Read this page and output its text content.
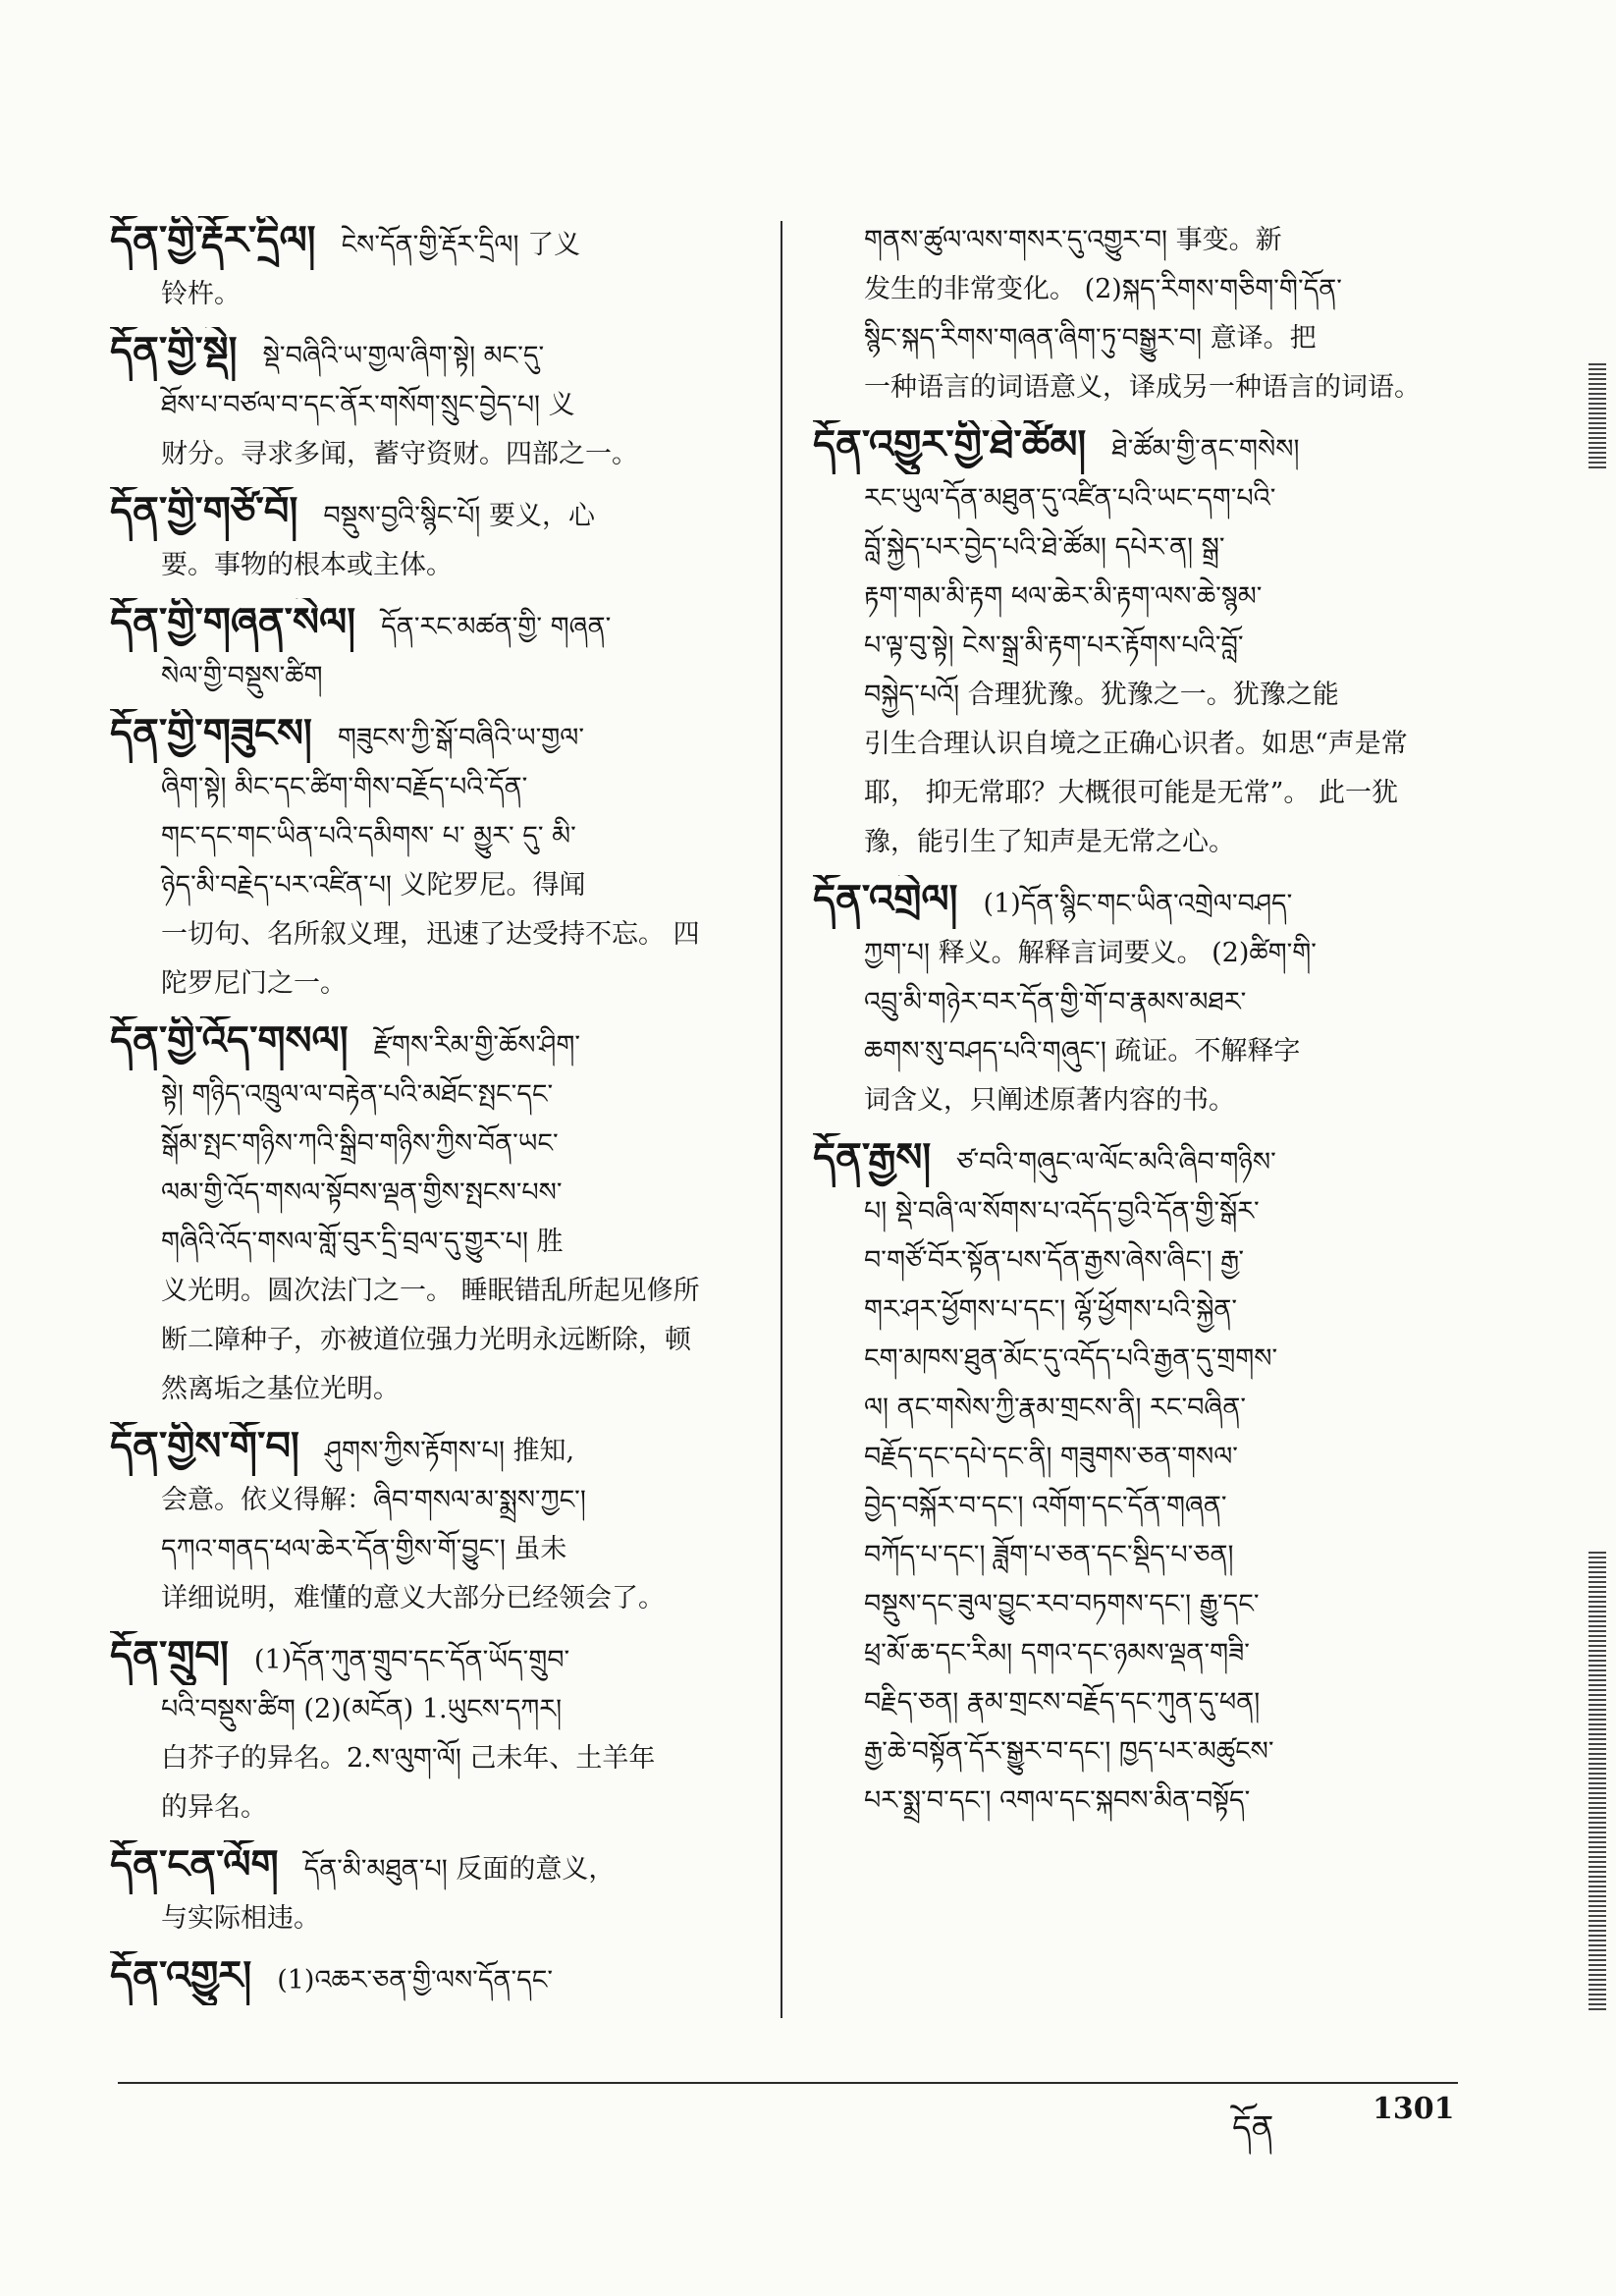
དོན་གྱི་རྡོར་དྲིལ། ངེས་དོན་གྱི་རྡོར་དྲིལ། 了义
铃杵。
དོན་གྱི་སྡེ། སྡེ་བཞིའི་ཡ་གྱལ་ཞིག་སྟེ། མང་དུ་
ཐོས་པ་བཙལ་བ་དང་ནོར་གསོག་སྲུང་བྱེད་པ། 义
财分。寻求多闻，蓄守资财。四部之一。
དོན་གྱི་གཙོ་བོ། བསྡུས་བྱའི་སྙིང་པོ། 要义，心
要。事物的根本或主体。
དོན་གྱི་གཞན་སེལ། དོན་རང་མཚན་གྱི་ གཞན་
སེལ་གྱི་བསྡུས་ཚིག
དོན་གྱི་གཟུངས། གཟུངས་ཀྱི་སྒོ་བཞིའི་ཡ་གྱལ་
ཞིག་སྟེ། མིང་དང་ཚིག་གིས་བརྗོད་པའི་དོན་
གང་དང་གང་ཡིན་པའི་དམིགས་ པ་ མྱུར་ དུ་ མི་
ཉེད་མི་བརྗེད་པར་འཛིན་པ། 义陀罗尼。得闻
一切句、名所叙义理，迅速了达受持不忘。 四
陀罗尼门之一。
དོན་གྱི་འོད་གསལ། རྫོགས་རིམ་གྱི་ཆོས་ཤིག་
སྟེ། གཉིད་འཁྲུལ་ལ་བརྟེན་པའི་མཐོང་སྤང་དང་
སྒོམ་སྤང་གཉིས་ཀའི་སྒྲིབ་གཉིས་ཀྱིས་བོན་ཡང་
ལམ་གྱི་འོད་གསལ་སྟོབས་ལྡན་གྱིས་སྤངས་པས་
གཞིའི་འོད་གསལ་གློ་བུར་དྲི་བྲལ་དུ་གྱུར་པ། 胜
义光明。圆次法门之一。 睡眠错乱所起见修所
断二障种子，亦被道位强力光明永远断除，顿
然离垢之基位光明。
དོན་གྱིས་གོ་བ། ཤུགས་ཀྱིས་རྟོགས་པ། 推知,
会意。依义得解：ཞིབ་གསལ་མ་སྨྲས་ཀྱང་།
དཀའ་གནད་ཕལ་ཆེར་དོན་གྱིས་གོ་བྱུང་། 虽未
详细说明，难懂的意义大部分已经领会了。
དོན་གྲུབ། (1)དོན་ཀུན་གྲུབ་དང་དོན་ཡོད་གྲུབ་
པའི་བསྡུས་ཚིག (2)(མངོན) 1.ཡུངས་དཀར།
白芥子的异名。2.ས་ལུག་ལོ། 己未年、土羊年
的异名。
དོན་ངན་ལོག དོན་མི་མཐུན་པ། 反面的意义，
与实际相违。
དོན་འགྱུར། (1)འཆར་ཅན་གྱི་ལས་དོན་དང་
གནས་ཚུལ་ལས་གསར་དུ་འགྱུར་བ། 事变。新
发生的非常变化。 (2)སྐད་རིགས་གཅིག་གི་དོན་
སྙིང་སྐད་རིགས་གཞན་ཞིག་ཏུ་བསྒྱུར་བ། 意译。把
一种语言的词语意义，译成另一种语言的词语。
དོན་འགྱུར་གྱི་ཐེ་ཚོམ། ཐེ་ཚོམ་གྱི་ནང་གསེས།
རང་ཡུལ་དོན་མཐུན་དུ་འཛིན་པའི་ཡང་དག་པའི་
བློ་སྐྱེད་པར་བྱེད་པའི་ཐེ་ཚོམ། དཔེར་ན། སྒྲ་
རྟག་གམ་མི་རྟག ཕལ་ཆེར་མི་རྟག་ལས་ཆེ་སྙམ་
པ་ལྟ་བུ་སྟེ། ངེས་སྒྲ་མི་རྟག་པར་རྟོགས་པའི་བློ་
བསྐྱེད་པའོ། 合理犹豫。犹豫之一。犹豫之能
引生合理认识自境之正确心识者。如思“声是常
耶， 抑无常耶？大概很可能是无常”。 此一犹
豫，能引生了知声是无常之心。
དོན་འགྲེལ། (1)དོན་སྙིང་གང་ཡིན་འགྲེལ་བཤད་
ཀྱག་པ། 释义。解释言词要义。 (2)ཚིག་གི་
འབྲུ་མི་གཉེར་བར་དོན་གྱི་གོ་བ་རྣམས་མཐར་
ཆགས་སུ་བཤད་པའི་གཞུང་། 疏证。不解释字
词含义，只阐述原著内容的书。
དོན་རྒྱས། ཙ་བའི་གཞུང་ལ་ལོང་མའི་ཞིབ་གཉིས་
པ། སྡེ་བཞི་ལ་སོགས་པ་འདོད་བྱའི་དོན་གྱི་སྒོར་
བ་གཙོ་བོར་སྟོན་པས་དོན་རྒྱས་ཞེས་ཞིང་། རྒྱ་
གར་ཤར་ཕྱོགས་པ་དང་། ལྷོ་ཕྱོགས་པའི་སྐྱེན་
ངག་མཁས་ཐུན་མོང་དུ་འདོད་པའི་རྒྱན་དུ་གྲགས་
ལ། ནང་གསེས་ཀྱི་རྣམ་གྲངས་ནི། རང་བཞིན་
བརྗོད་དང་དཔེ་དང་ནི། གཟུགས་ཅན་གསལ་
བྱེད་བསྐོར་བ་དང་། འགོག་དང་དོན་གཞན་
བཀོད་པ་དང་། ཟློག་པ་ཅན་དང་སྡིད་པ་ཅན།
བསྡུས་དང་ཟུལ་བྱུང་རབ་བཏགས་དང་། རྒྱུ་དང་
ཕྲ་མོ་ཆ་དང་རིམ། དགའ་དང་ཉམས་ལྡན་གཟི་
བརྗིད་ཅན། རྣམ་གྲངས་བརྗོད་དང་ཀུན་དུ་ཕན།
རྒྱ་ཆེ་བསྟོན་དོར་སྒྱུར་བ་དང་། ཁྱད་པར་མཚུངས་
པར་སྨྲ་བ་དང་། འགལ་དང་སྐབས་མིན་བསྟོད་
དོན	1301
